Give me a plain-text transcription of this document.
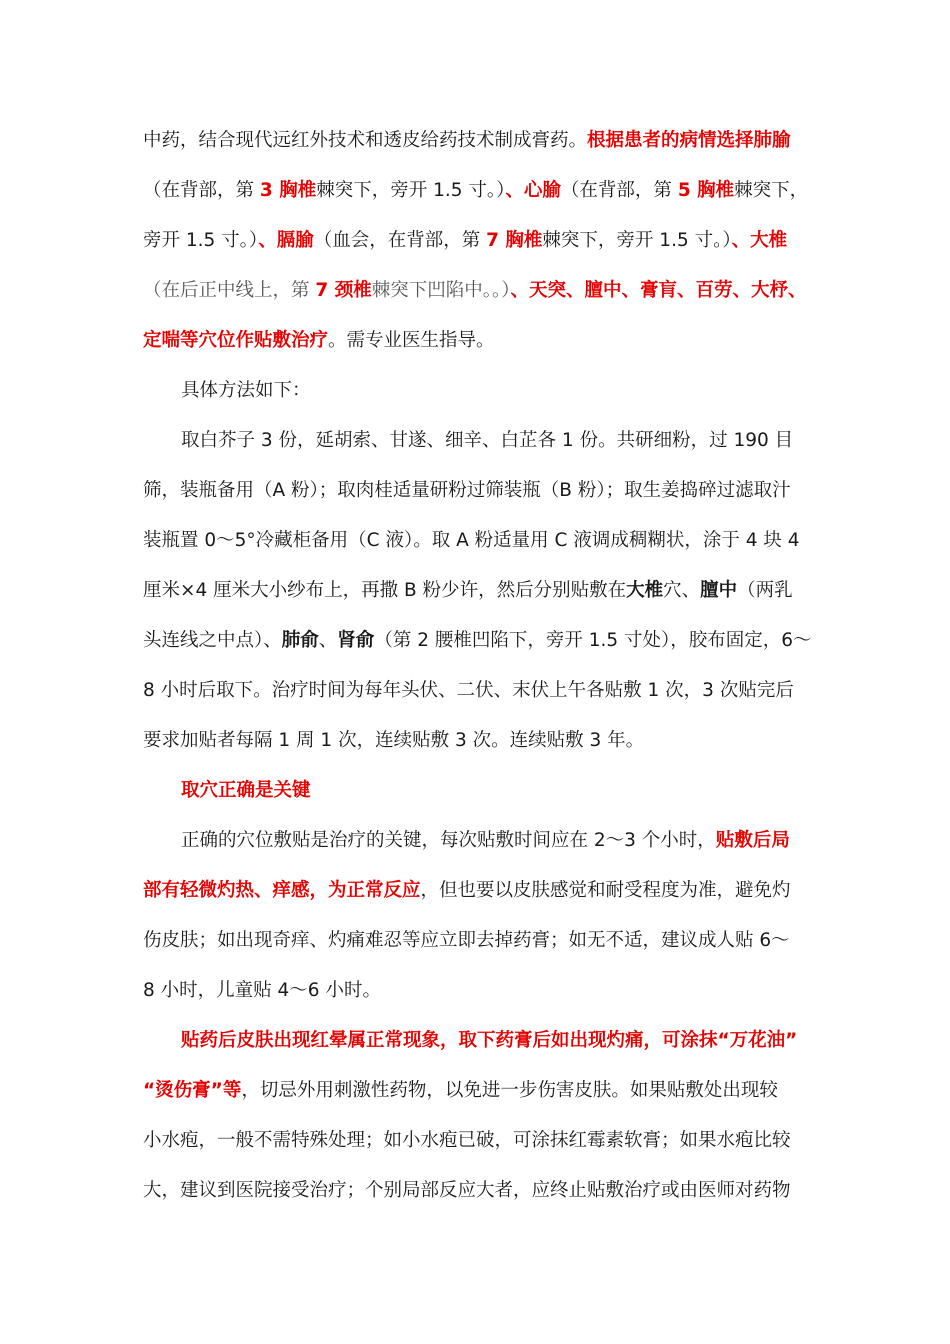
中药，结合现代远红外技术和透皮给药技术制成膏药。根据患者的病情选择肺腧
（在背部，第 3 胸椎棘突下，旁开 1.5 寸。）、心腧（在背部，第 5 胸椎棘突下，
旁开 1.5 寸。）、膈腧（血会，在背部，第 7 胸椎棘突下，旁开 1.5 寸。）、大椎
（在后正中线上，第 7 颈椎棘突下凹陷中。。）、天突、膻中、膏肓、百劳、大杼、
定喘等穴位作贴敷治疗。需专业医生指导。
具体方法如下：
取白芥子 3 份，延胡索、甘遂、细辛、白芷各 1 份。共研细粉，过 190 目
筛，装瓶备用（A 粉）；取肉桂适量研粉过筛装瓶（B 粉）；取生姜捣碎过滤取汁
装瓶置 0～5°冷藏柜备用（C 液）。取 A 粉适量用 C 液调成稠糊状，涂于 4 块 4
厘米×4 厘米大小纱布上，再撒 B 粉少许，然后分别贴敷在大椎穴、膻中（两乳
头连线之中点）、肺俞、肾俞（第 2 腰椎凹陷下，旁开 1.5 寸处），胶布固定，6～
8 小时后取下。治疗时间为每年头伏、二伏、末伏上午各贴敷 1 次，3 次贴完后
要求加贴者每隔 1 周 1 次，连续贴敷 3 次。连续贴敷 3 年。
取穴正确是关键
正确的穴位敷贴是治疗的关键，每次贴敷时间应在 2～3 个小时，贴敷后局
部有轻微灼热、痒感，为正常反应，但也要以皮肤感觉和耐受程度为准，避免灼
伤皮肤；如出现奇痒、灼痛难忍等应立即去掉药膏；如无不适，建议成人贴 6～
8 小时，儿童贴 4～6 小时。
贴药后皮肤出现红晕属正常现象，取下药膏后如出现灼痛，可涂抹“万花油”
“烫伤膏”等，切忌外用刺激性药物，以免进一步伤害皮肤。如果贴敷处出现较
小水疱，一般不需特殊处理；如小水疱已破，可涂抹红霉素软膏；如果水疱比较
大，建议到医院接受治疗；个别局部反应大者，应终止贴敷治疗或由医师对药物
